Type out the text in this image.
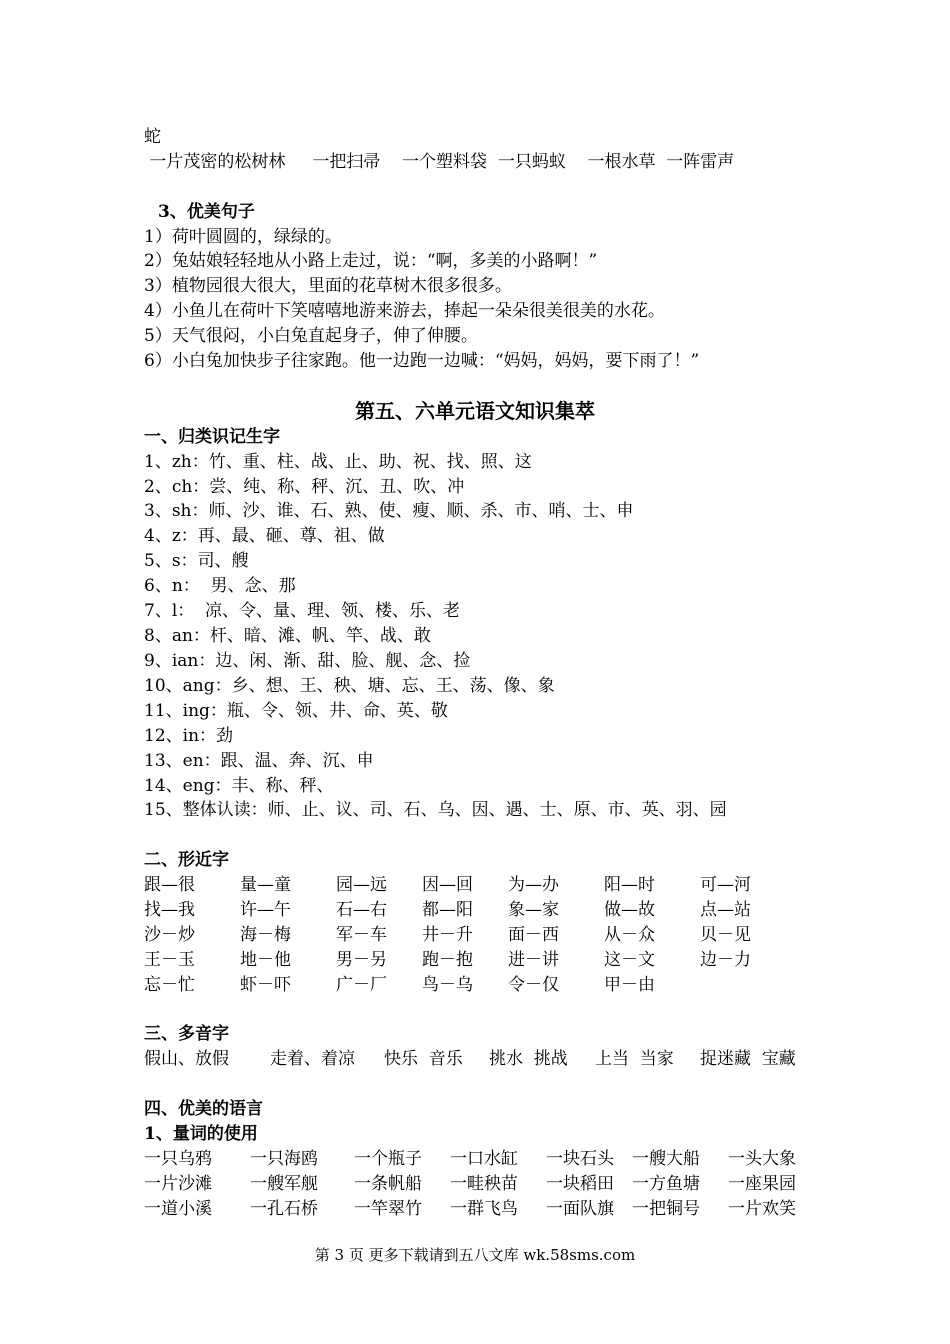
蛇
一片茂密的松树林     一把扫帚    一个塑料袋  一只蚂蚁    一根水草  一阵雷声
3、优美句子
1）荷叶圆圆的，绿绿的。
2）兔姑娘轻轻地从小路上走过，说：“啊，多美的小路啊！”
3）植物园很大很大，里面的花草树木很多很多。
4）小鱼儿在荷叶下笑嘻嘻地游来游去，捧起一朵朵很美很美的水花。
5）天气很闷，小白兔直起身子，伸了伸腰。
6）小白兔加快步子往家跑。他一边跑一边喊：“妈妈，妈妈，要下雨了！”
第五、六单元语文知识集萃
一、归类识记生字
1、zh：竹、重、柱、战、止、助、祝、找、照、这
2、ch：尝、纯、称、秤、沉、丑、吹、冲
3、sh：师、沙、谁、石、熟、使、瘦、顺、杀、市、哨、士、申
4、z：再、最、砸、尊、祖、做
5、s：司、艘
6、n：  男、念、那
7、l：  凉、令、量、理、领、楼、乐、老
8、an：杆、暗、滩、帆、竿、战、敢
9、ian：边、闲、渐、甜、脸、舰、念、捡
10、ang：乡、想、王、秧、塘、忘、王、荡、像、象
11、ing：瓶、令、领、井、命、英、敬
12、in：劲
13、en：跟、温、奔、沉、申
14、eng：丰、称、秤、
15、整体认读：师、止、议、司、石、乌、因、遇、士、原、市、英、羽、园
二、形近字
跟—很	量—童	园—远 因—回 为—办	阳—时	可—河
找—我	许—午	石—右 都—阳 象—家	做—故	点—站
沙－炒	海－梅	军－车 井－升 面－西	从－众	贝－见
王－玉	地－他	男－另 跑－抱 进－讲	这－文	边－力
忘－忙	虾－吓	广－厂 鸟－乌 令－仅	甲－由
三、多音字
假山、放假 走着、着凉 快乐  音乐 挑水  挑战 上当  当家 捉迷藏  宝藏
四、优美的语言
1、量词的使用
一只乌鸦 一只海鸥 一个瓶子 一口水缸 一块石头 一艘大船 一头大象
一片沙滩 一艘军舰 一条帆船 一畦秧苗 一块稻田 一方鱼塘 一座果园
一道小溪 一孔石桥 一竿翠竹 一群飞鸟 一面队旗 一把铜号 一片欢笑
第 3 页 更多下载请到五八文库 wk.58sms.com
